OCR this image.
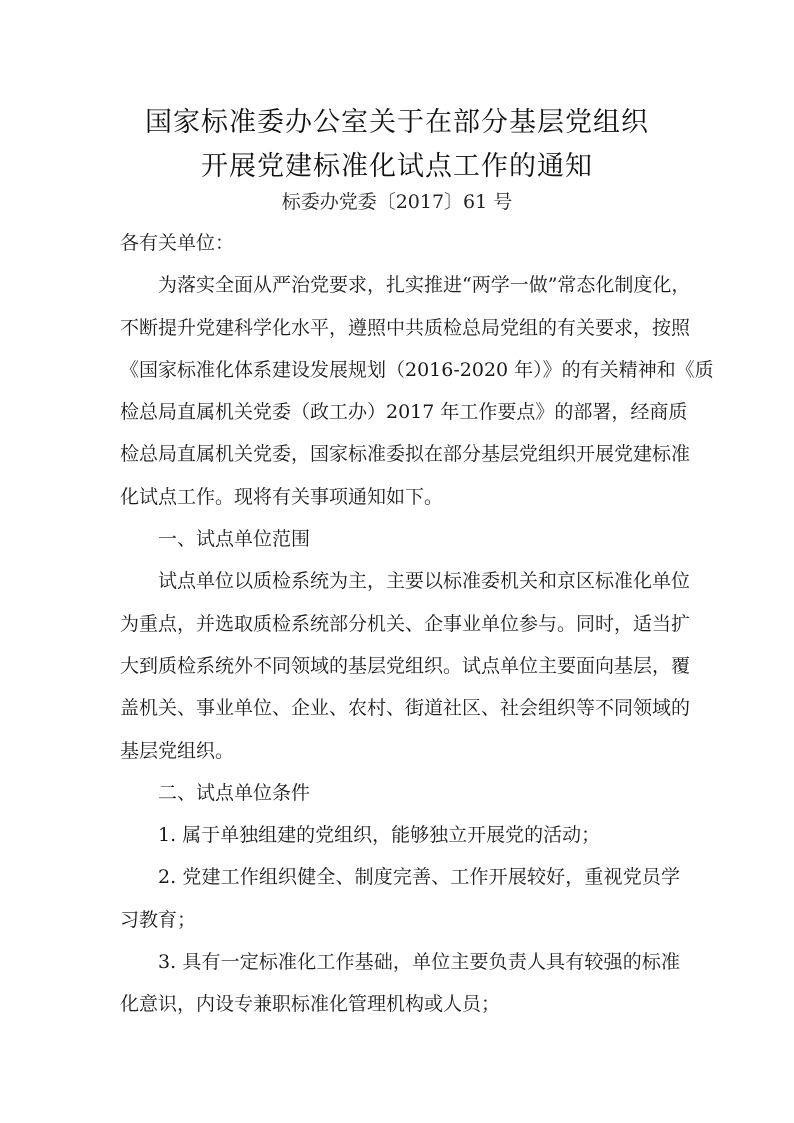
国家标准委办公室关于在部分基层党组织
开展党建标准化试点工作的通知
标委办党委〔2017〕61 号
各有关单位：
为落实全面从严治党要求，扎实推进“两学一做”常态化制度化，
不断提升党建科学化水平，遵照中共质检总局党组的有关要求，按照
《国家标准化体系建设发展规划（2016-2020 年）》的有关精神和《质
检总局直属机关党委（政工办）2017 年工作要点》的部署，经商质
检总局直属机关党委，国家标准委拟在部分基层党组织开展党建标准
化试点工作。现将有关事项通知如下。
一、试点单位范围
试点单位以质检系统为主，主要以标准委机关和京区标准化单位
为重点，并选取质检系统部分机关、企事业单位参与。同时，适当扩
大到质检系统外不同领域的基层党组织。试点单位主要面向基层，覆
盖机关、事业单位、企业、农村、街道社区、社会组织等不同领域的
基层党组织。
二、试点单位条件
1. 属于单独组建的党组织，能够独立开展党的活动；
2. 党建工作组织健全、制度完善、工作开展较好，重视党员学
习教育；
3. 具有一定标准化工作基础，单位主要负责人具有较强的标准
化意识，内设专兼职标准化管理机构或人员；
